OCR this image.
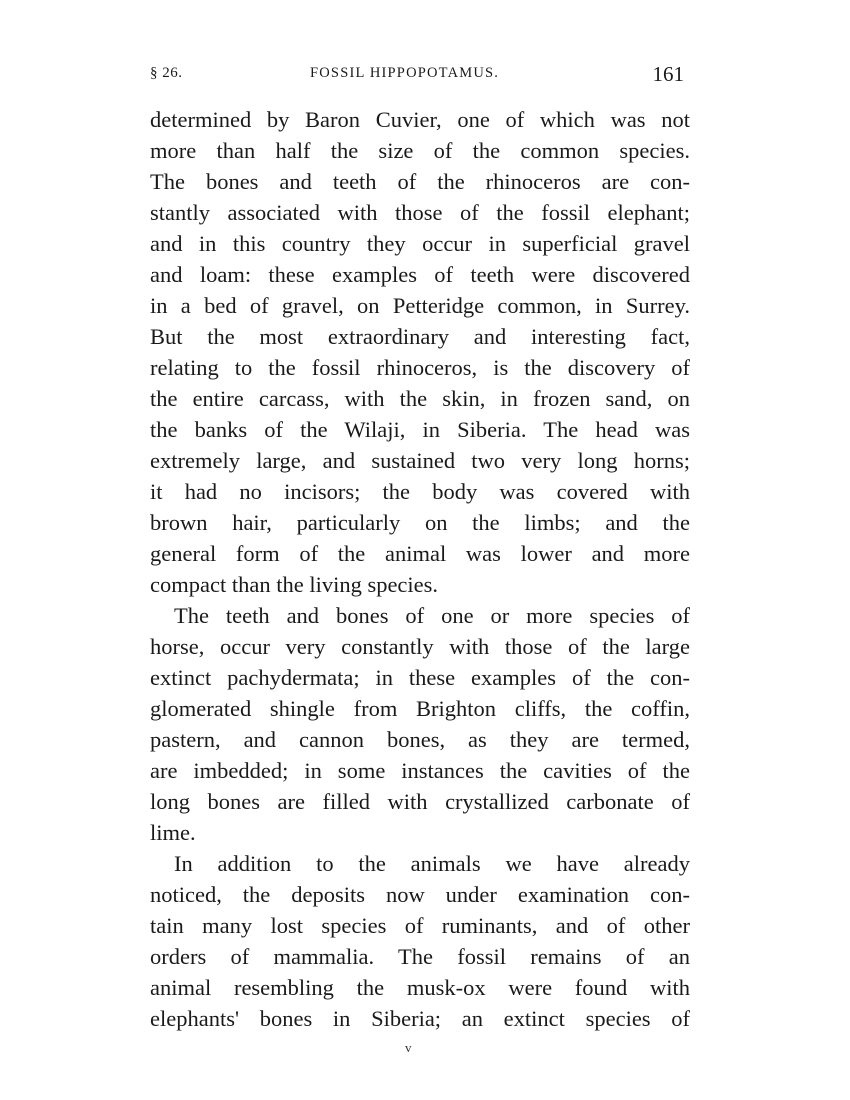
§ 26.	FOSSIL HIPPOPOTAMUS.	161
determined by Baron Cuvier, one of which was not
more than half the size of the common species.
The bones and teeth of the rhinoceros are con-
stantly associated with those of the fossil elephant;
and in this country they occur in superficial gravel
and loam: these examples of teeth were discovered
in a bed of gravel, on Petteridge common, in Surrey.
But the most extraordinary and interesting fact,
relating to the fossil rhinoceros, is the discovery of
the entire carcass, with the skin, in frozen sand, on
the banks of the Wilaji, in Siberia. The head was
extremely large, and sustained two very long horns;
it had no incisors; the body was covered with
brown hair, particularly on the limbs; and the
general form of the animal was lower and more
compact than the living species.
The teeth and bones of one or more species of
horse, occur very constantly with those of the large
extinct pachydermata; in these examples of the con-
glomerated shingle from Brighton cliffs, the coffin,
pastern, and cannon bones, as they are termed,
are imbedded; in some instances the cavities of the
long bones are filled with crystallized carbonate of
lime.
In addition to the animals we have already
noticed, the deposits now under examination con-
tain many lost species of ruminants, and of other
orders of mammalia. The fossil remains of an
animal resembling the musk-ox were found with
elephants' bones in Siberia; an extinct species of
v
